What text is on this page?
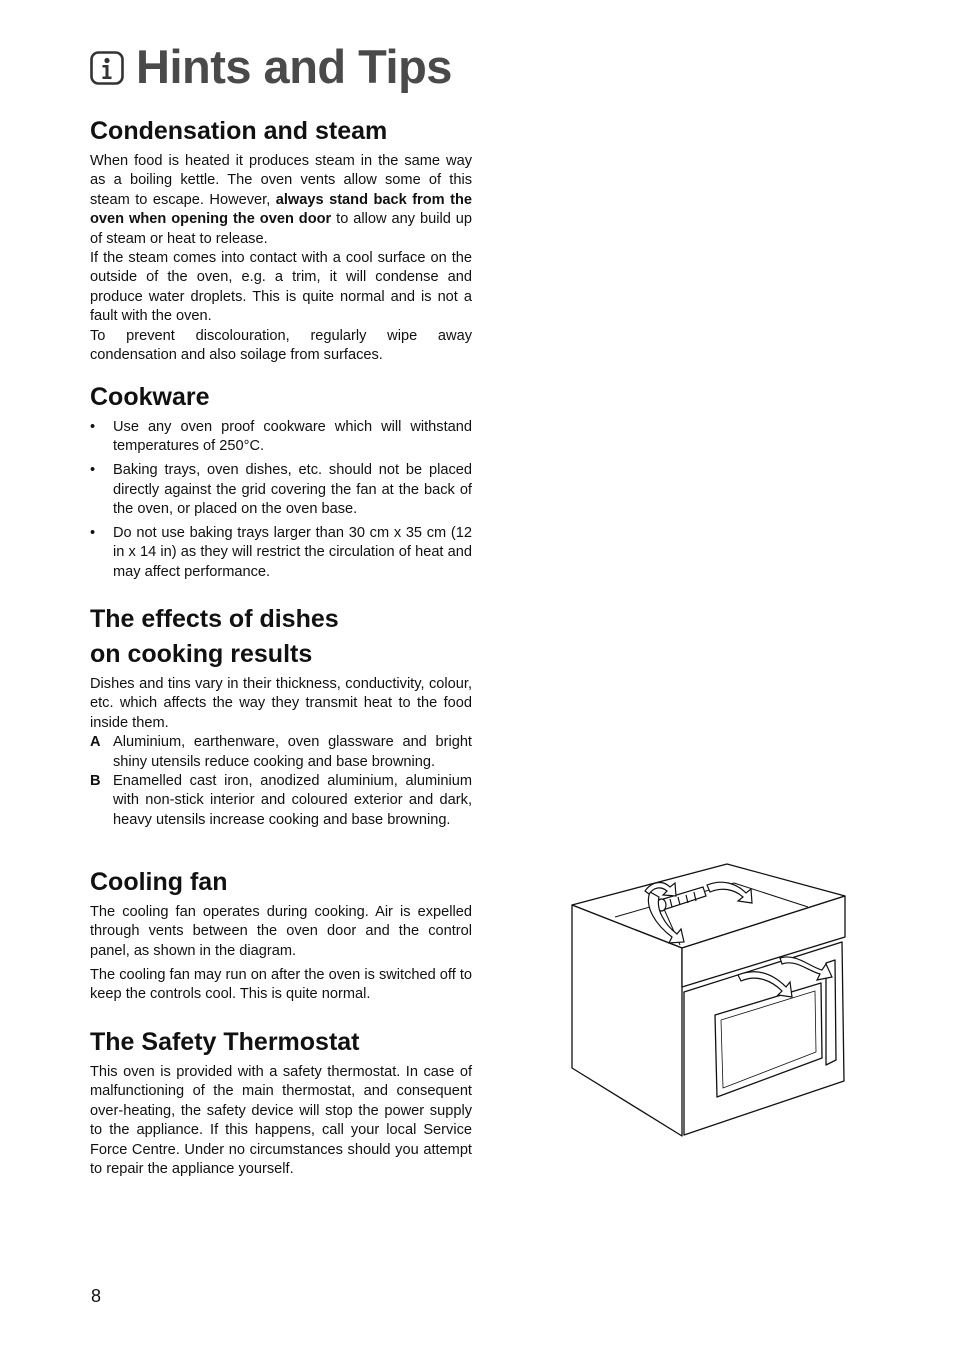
Hints and Tips
Condensation and steam

When food is heated it produces steam in the same way as a boiling kettle. The oven vents allow some of this steam to escape. However, always stand back from the oven when opening the oven door to allow any build up of steam or heat to release.

If the steam comes into contact with a cool surface on the outside of the oven, e.g. a trim, it will condense and produce water droplets. This is quite normal and is not a fault with the oven.

To prevent discolouration, regularly wipe away condensation and also soilage from surfaces.

Cookware
• Use any oven proof cookware which will withstand temperatures of 250°C.
• Baking trays, oven dishes, etc. should not be placed directly against the grid covering the fan at the back of the oven, or placed on the oven base.
• Do not use baking trays larger than 30 cm x 35 cm (12 in x 14 in) as they will restrict the circulation of heat and may affect performance.
The effects of dishes
on cooking results

Dishes and tins vary in their thickness, conductivity, colour, etc. which affects the way they transmit heat to the food inside them.

A Aluminium, earthenware, oven glassware and bright shiny utensils reduce cooking and base browning.
B Enamelled cast iron, anodized aluminium, aluminium with non-stick interior and coloured exterior and dark, heavy utensils increase cooking and base browning.
Cooling fan

The cooling fan operates during cooking. Air is expelled through vents between the oven door and the control panel, as shown in the diagram.

The cooling fan may run on after the oven is switched off to keep the controls cool. This is quite normal.

The Safety Thermostat

This oven is provided with a safety thermostat. In case of malfunctioning of the main thermostat, and consequent over-heating, the safety device will stop the power supply to the appliance. If this happens, call your local Service Force Centre. Under no circumstances should you attempt to repair the appliance yourself.

8
